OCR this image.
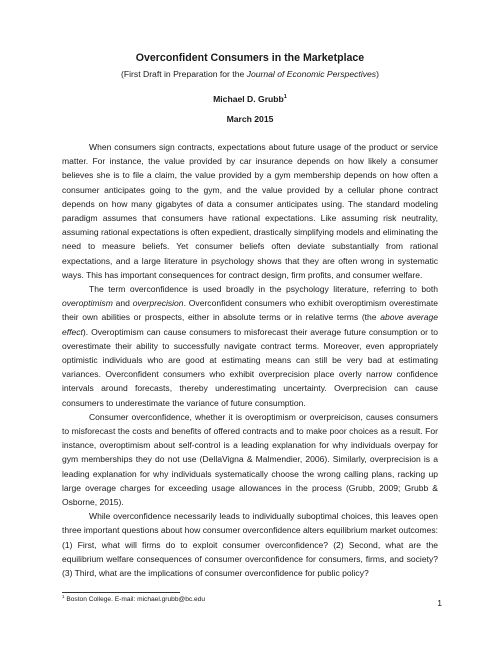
Overconfident Consumers in the Marketplace

(First Draft in Preparation for the Journal of Economic Perspectives)

Michael D. Grubb$^1$

March 2015

When consumers sign contracts, expectations about future usage of the product or service matter. For instance, the value provided by car insurance depends on how likely a consumer believes she is to file a claim, the value provided by a gym membership depends on how often a consumer anticipates going to the gym, and the value provided by a cellular phone contract depends on how many gigabytes of data a consumer anticipates using. The standard modeling paradigm assumes that consumers have rational expectations. Like assuming risk neutrality, assuming rational expectations is often expedient, drastically simplifying models and eliminating the need to measure beliefs. Yet consumer beliefs often deviate substantially from rational expectations, and a large literature in psychology shows that they are often wrong in systematic ways. This has important consequences for contract design, firm profits, and consumer welfare.

The term overconfidence is used broadly in the psychology literature, referring to both overoptimism and overprecision. Overconfident consumers who exhibit overoptimism overestimate their own abilities or prospects, either in absolute terms or in relative terms (the above average effect). Overoptimism can cause consumers to misforecast their average future consumption or to overestimate their ability to successfully navigate contract terms. Moreover, even appropriately optimistic individuals who are good at estimating means can still be very bad at estimating variances. Overconfident consumers who exhibit overprecision place overly narrow confidence intervals around forecasts, thereby underestimating uncertainty. Overprecision can cause consumers to underestimate the variance of future consumption.

Consumer overconfidence, whether it is overoptimism or overpreicison, causes consumers to misforecast the costs and benefits of offered contracts and to make poor choices as a result. For instance, overoptimism about self-control is a leading explanation for why individuals overpay for gym memberships they do not use (DellaVigna & Malmendier, 2006). Similarly, overprecision is a leading explanation for why individuals systematically choose the wrong calling plans, racking up large overage charges for exceeding usage allowances in the process (Grubb, 2009; Grubb & Osborne, 2015).

While overconfidence necessarily leads to individually suboptimal choices, this leaves open three important questions about how consumer overconfidence alters equilibrium market outcomes: (1) First, what will firms do to exploit consumer overconfidence? (2) Second, what are the equilibrium welfare consequences of consumer overconfidence for consumers, firms, and society? (3) Third, what are the implications of consumer overconfidence for public policy?

$^1$ Boston College. E-mail: michael.grubb@bc.edu	1
